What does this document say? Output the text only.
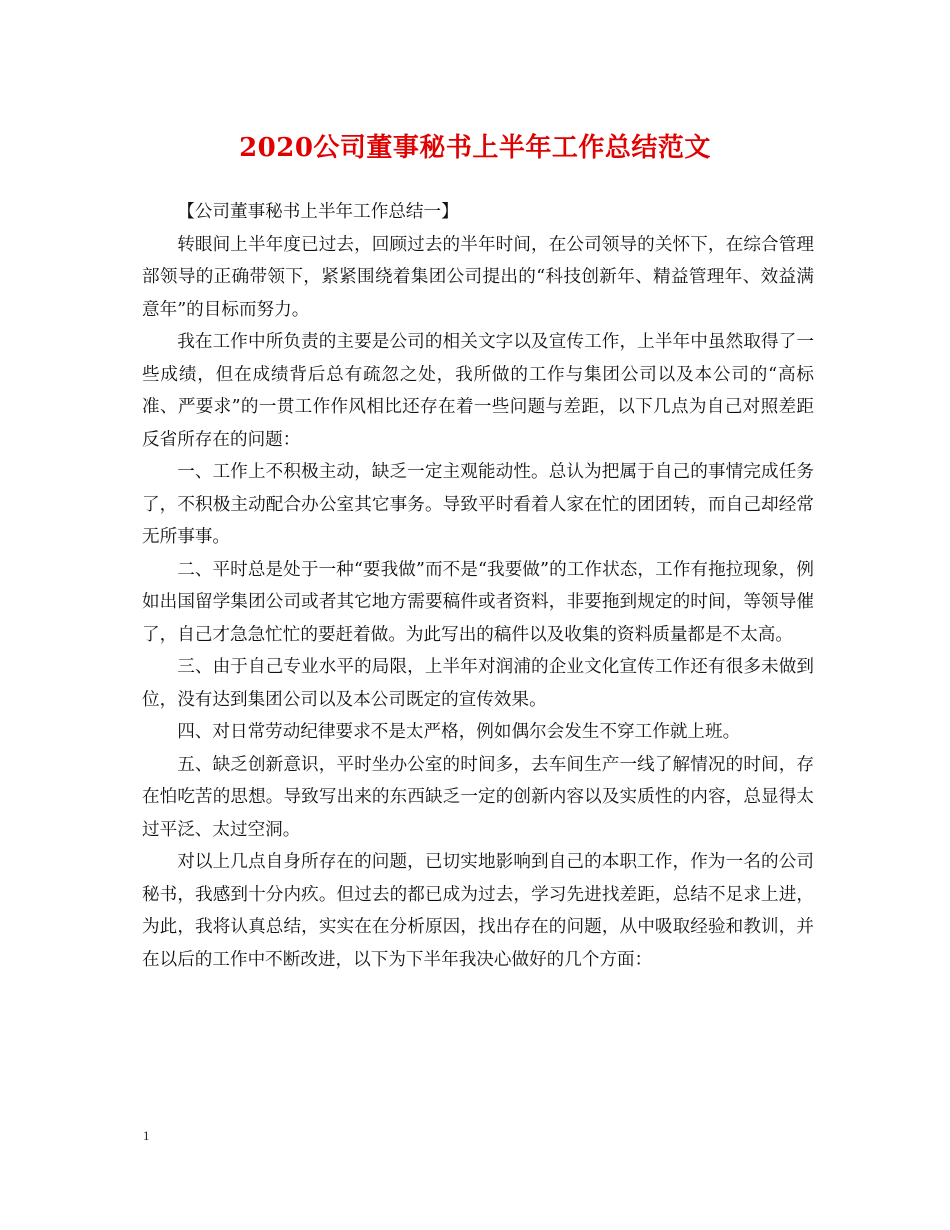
2020公司董事秘书上半年工作总结范文

【公司董事秘书上半年工作总结一】

转眼间上半年度已过去，回顾过去的半年时间，在公司领导的关怀下，在综合管理部领导的正确带领下，紧紧围绕着集团公司提出的“科技创新年、精益管理年、效益满意年”的目标而努力。

我在工作中所负责的主要是公司的相关文字以及宣传工作，上半年中虽然取得了一些成绩，但在成绩背后总有疏忽之处，我所做的工作与集团公司以及本公司的“高标准、严要求”的一贯工作作风相比还存在着一些问题与差距，以下几点为自己对照差距反省所存在的问题：

一、工作上不积极主动，缺乏一定主观能动性。总认为把属于自己的事情完成任务了，不积极主动配合办公室其它事务。导致平时看着人家在忙的团团转，而自己却经常无所事事。

二、平时总是处于一种“要我做”而不是“我要做”的工作状态，工作有拖拉现象，例如出国留学集团公司或者其它地方需要稿件或者资料，非要拖到规定的时间，等领导催了，自己才急急忙忙的要赶着做。为此写出的稿件以及收集的资料质量都是不太高。

三、由于自己专业水平的局限，上半年对润浦的企业文化宣传工作还有很多未做到位，没有达到集团公司以及本公司既定的宣传效果。

四、对日常劳动纪律要求不是太严格，例如偶尔会发生不穿工作就上班。

五、缺乏创新意识，平时坐办公室的时间多，去车间生产一线了解情况的时间，存在怕吃苦的思想。导致写出来的东西缺乏一定的创新内容以及实质性的内容，总显得太过平泛、太过空洞。

对以上几点自身所存在的问题，已切实地影响到自己的本职工作，作为一名的公司秘书，我感到十分内疚。但过去的都已成为过去，学习先进找差距，总结不足求上进，为此，我将认真总结，实实在在分析原因，找出存在的问题，从中吸取经验和教训，并在以后的工作中不断改进，以下为下半年我决心做好的几个方面：

1
